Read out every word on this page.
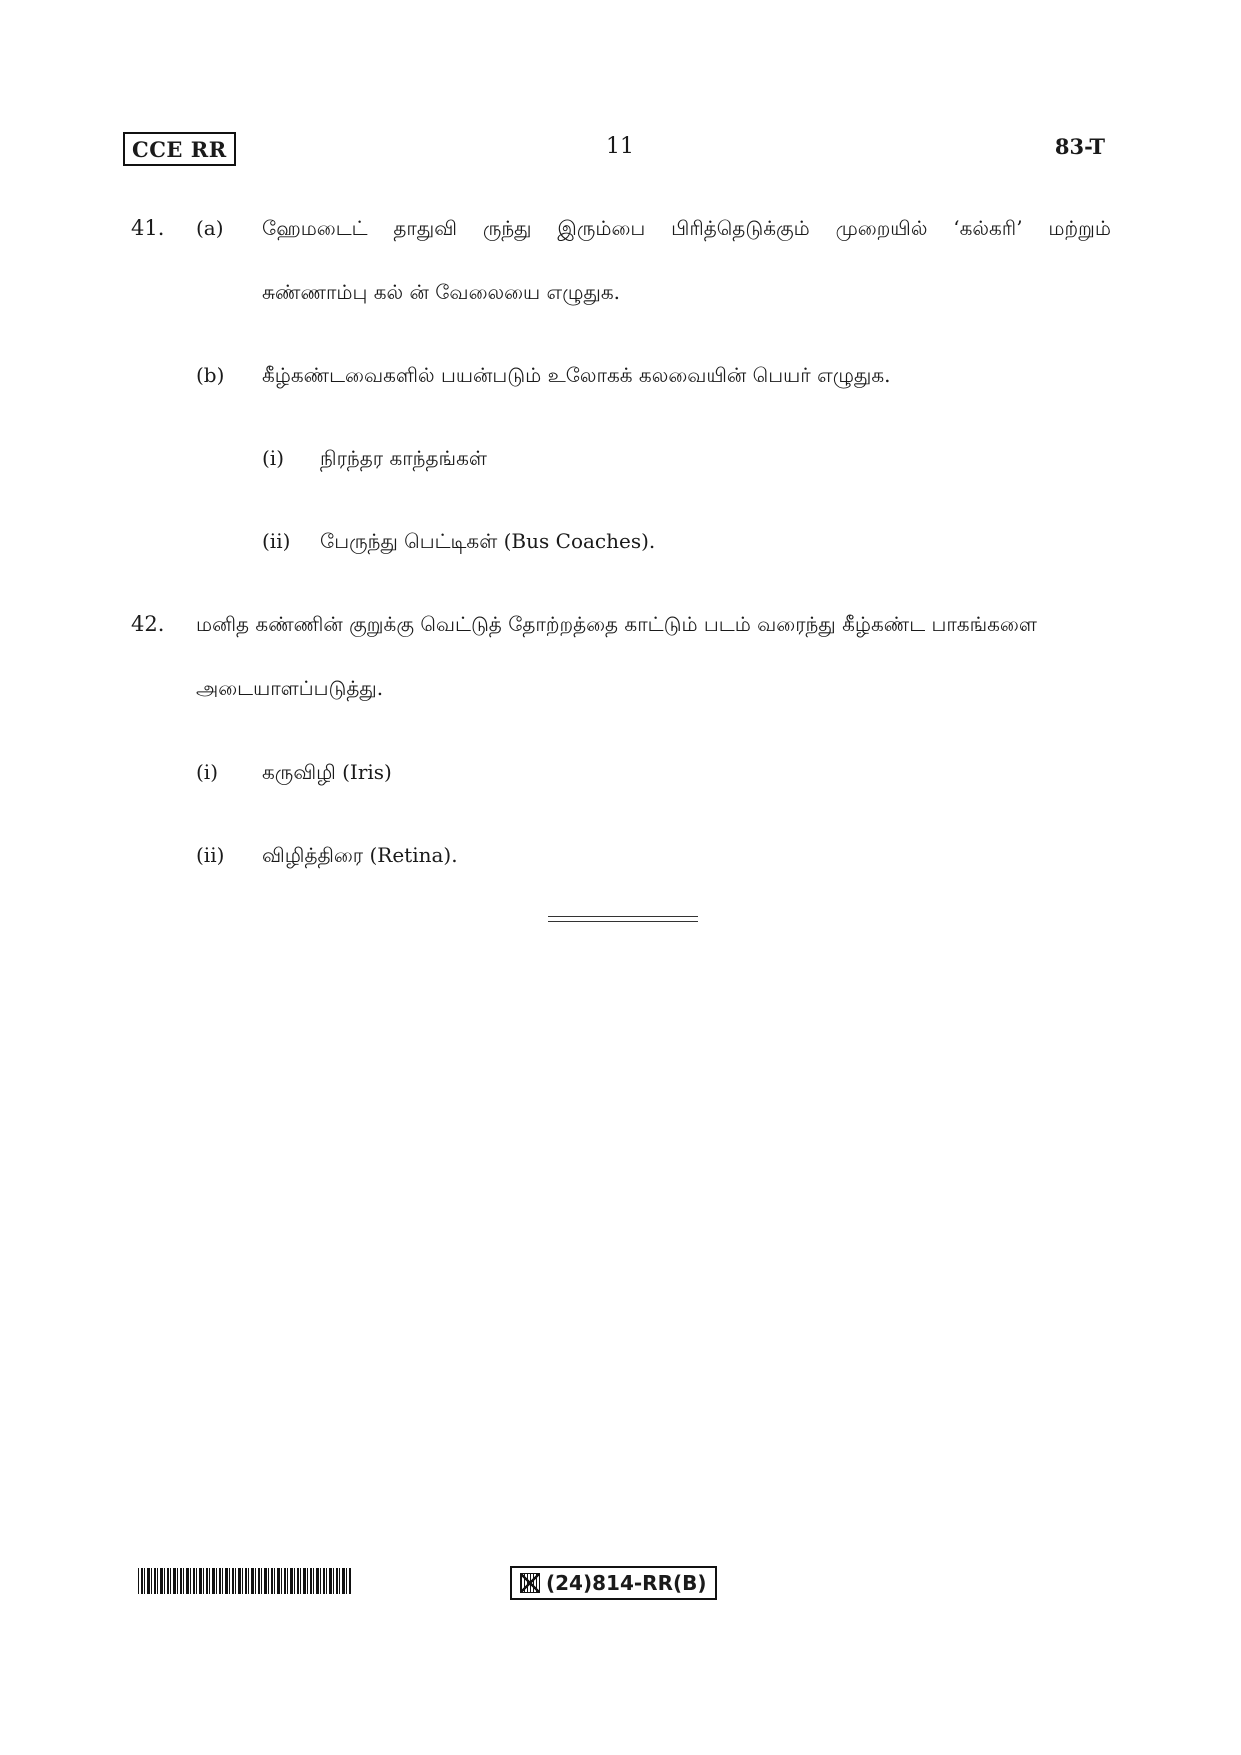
CCE RR	11	83-T
41. (a) ஹேமடைட் தாதுவி ருந்து இரும்பை பிரித்தெடுக்கும் முறையில் ‘கல்கரி’ மற்றும்
சுண்ணாம்பு கல் ன் வேலையை எழுதுக.
(b) கீழ்கண்டவைகளில் பயன்படும் உலோகக் கலவையின் பெயர் எழுதுக.
(i) நிரந்தர காந்தங்கள்
(ii) பேருந்து பெட்டிகள் (Bus Coaches).
42. மனித கண்ணின் குறுக்கு வெட்டுத் தோற்றத்தை காட்டும் படம் வரைந்து கீழ்கண்ட பாகங்களை
அடையாளப்படுத்து.
(i) கருவிழி (Iris)
(ii) விழித்திரை (Retina).
(24)814-RR(B)
